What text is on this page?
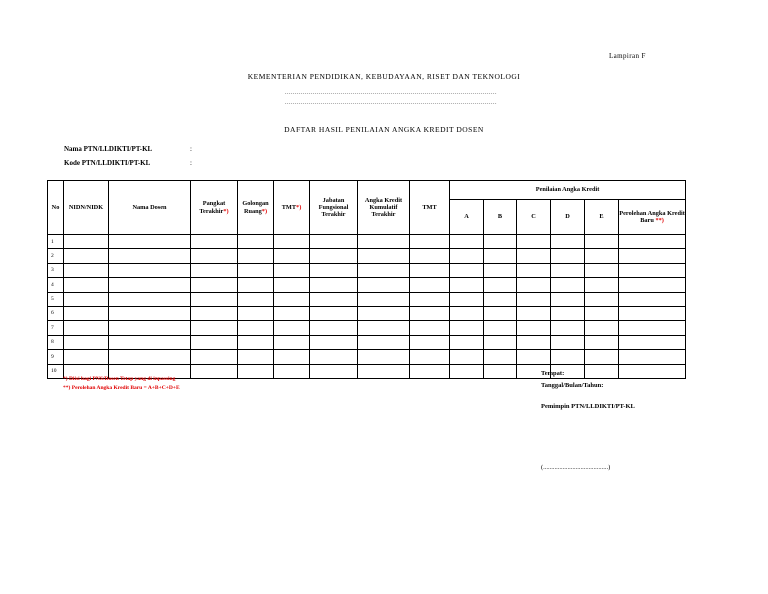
Lampiran F
KEMENTERIAN PENDIDIKAN, KEBUDAYAAN, RISET DAN TEKNOLOGI
..........................................................................................................
..........................................................................................................
DAFTAR HASIL PENILAIAN ANGKA KREDIT DOSEN
Nama PTN/LLDIKTI/PT-KL	:
Kode PTN/LLDIKTI/PT-KL	:
No	NIDN/NIDK	Nama Dosen	Pangkat Terakhir*)	Golongan Ruang*)	TMT*)	Jabatan Fungsional Terakhir	Angka Kredit Kumulatif Terakhir	TMT	Penilaian Angka Kredit					
									A	B	C	D	E	Perolehan Angka Kredit Baru **)
1														
2														
3														
4														
5														
6														
7														
8														
9														
10														
*) Diisi bagi PNS/Dosen Tetap yang di inpassing
**) Perolehan Angka Kredit Baru = A+B+C+D+E
Tempat:
Tanggal/Bulan/Tahun:
Pemimpin PTN/LLDIKTI/PT-KL
(........................................)
